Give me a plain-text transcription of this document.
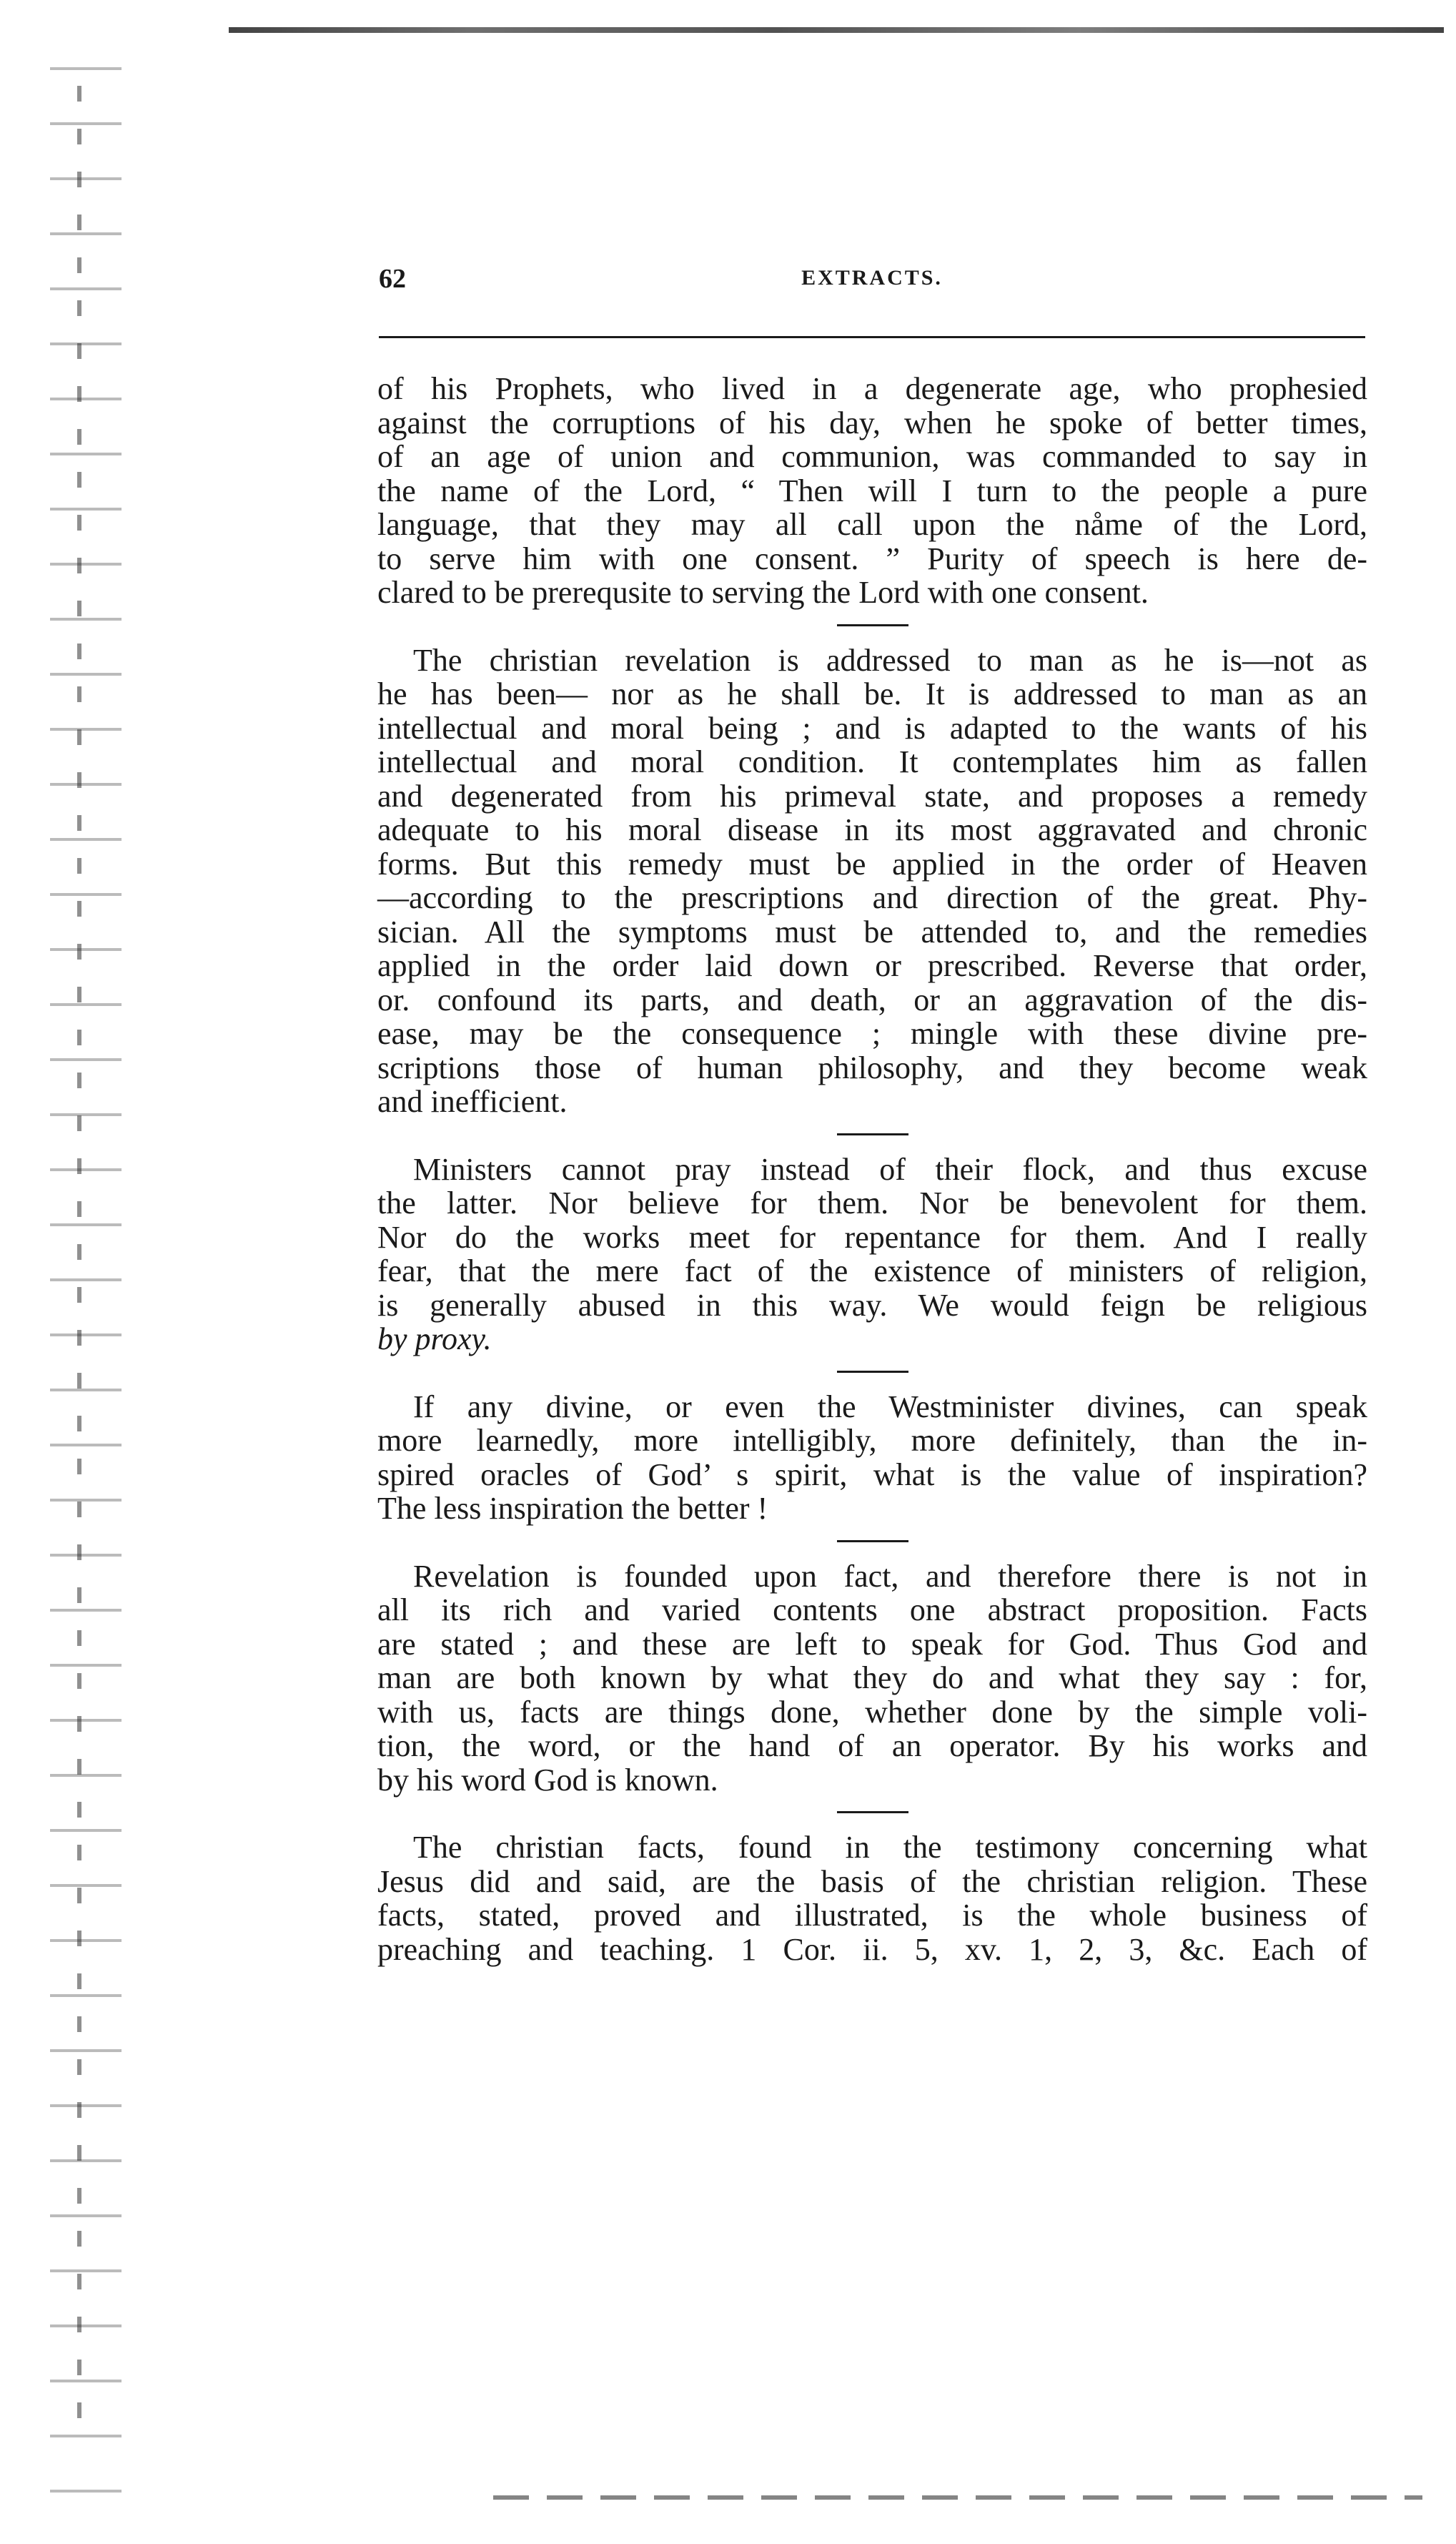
62	EXTRACTS.

of his Prophets, who lived in a degenerate age, who prophesied
against the corruptions of his day, when he spoke of better times,
of an age of union and communion, was commanded to say in
the name of the Lord, “ Then will I turn to the people a pure
language, that they may all call upon the nåme of the Lord,
to serve him with one consent. ” Purity of speech is here de-
clared to be prerequsite to serving the Lord with one consent.

The christian revelation is addressed to man as he is—not as
he has been— nor as he shall be. It is addressed to man as an
intellectual and moral being ; and is adapted to the wants of his
intellectual and moral condition. It contemplates him as fallen
and degenerated from his primeval state, and proposes a remedy
adequate to his moral disease in its most aggravated and chronic
forms. But this remedy must be applied in the order of Heaven
—according to the prescriptions and direction of the great. Phy-
sician. All the symptoms must be attended to, and the remedies
applied in the order laid down or prescribed. Reverse that order,
or. confound its parts, and death, or an aggravation of the dis-
ease, may be the consequence ; mingle with these divine pre-
scriptions those of human philosophy, and they become weak
and inefficient.

Ministers cannot pray instead of their flock, and thus excuse
the latter. Nor believe for them. Nor be benevolent for them.
Nor do the works meet for repentance for them. And I really
fear, that the mere fact of the existence of ministers of religion,
is generally abused in this way. We would feign be religious
by proxy.

If any divine, or even the Westminister divines, can speak
more learnedly, more intelligibly, more definitely, than the in-
spired oracles of God’ s spirit, what is the value of inspiration?
The less inspiration the better !

Revelation is founded upon fact, and therefore there is not in
all its rich and varied contents one abstract proposition. Facts
are stated ; and these are left to speak for God. Thus God and
man are both known by what they do and what they say : for,
with us, facts are things done, whether done by the simple voli-
tion, the word, or the hand of an operator. By his works and
by his word God is known.

The christian facts, found in the testimony concerning what
Jesus did and said, are the basis of the christian religion. These
facts, stated, proved and illustrated, is the whole business of
preaching and teaching. 1 Cor. ii. 5, xv. 1, 2, 3, &c. Each of
